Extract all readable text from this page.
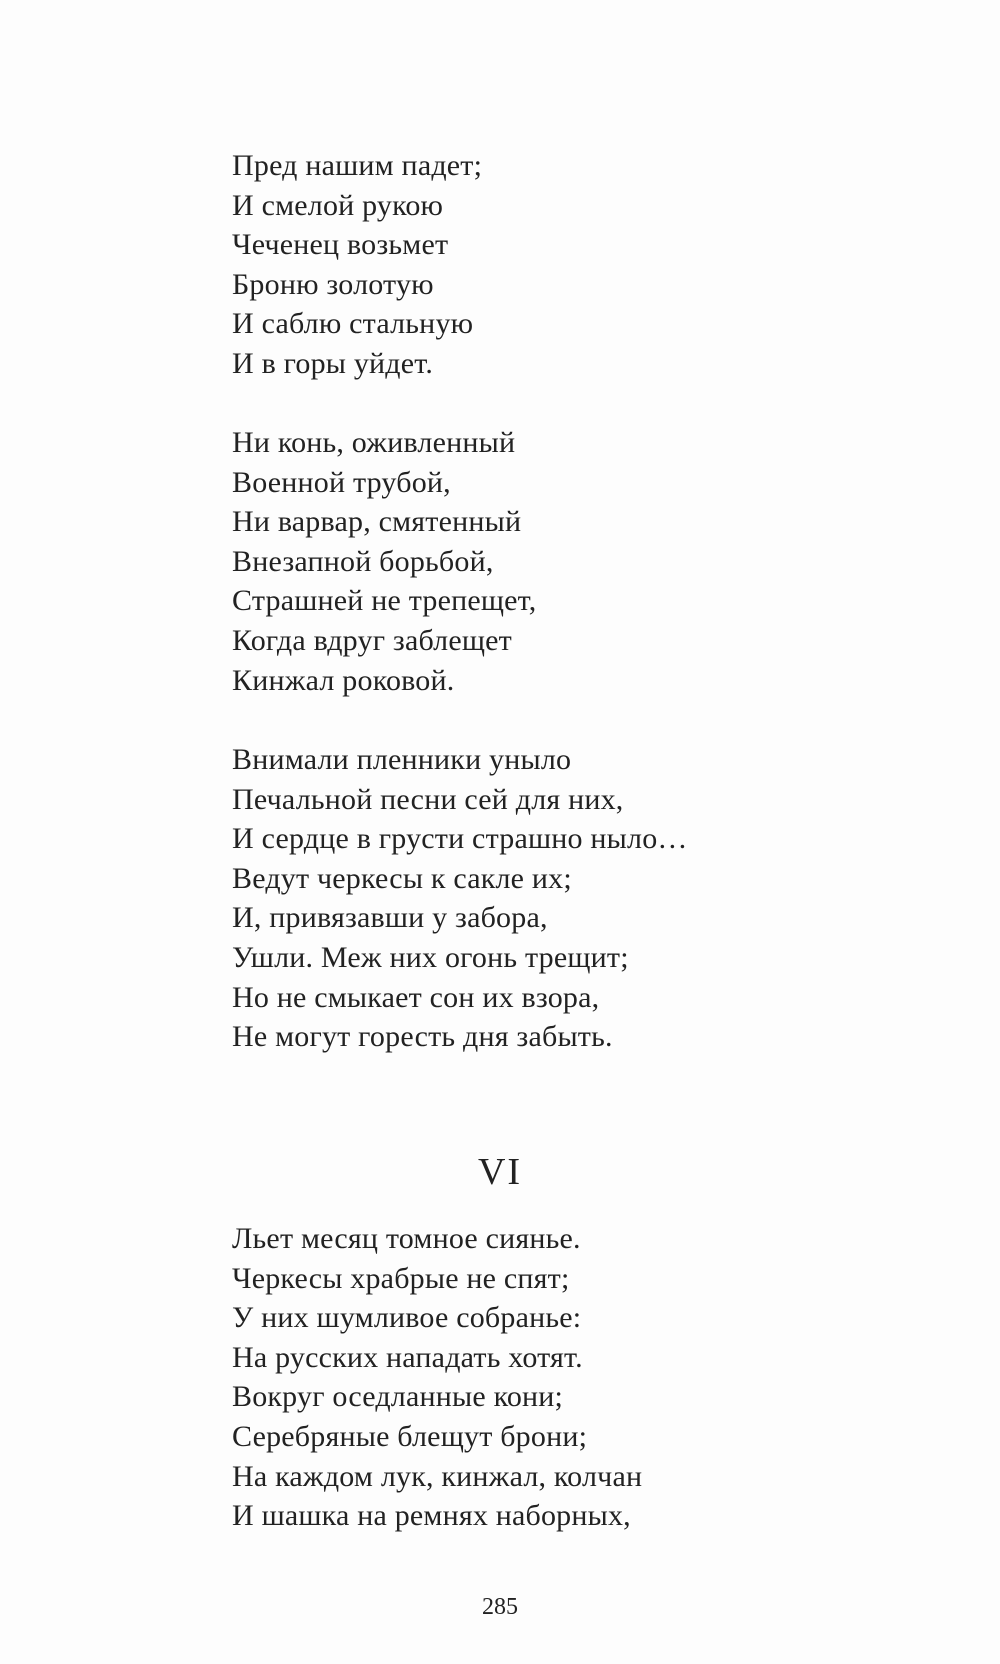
Пред нашим падет;
И смелой рукою
Чеченец возьмет
Броню золотую
И саблю стальную
И в горы уйдет.
Ни конь, оживленный
Военной трубой,
Ни варвар, смятенный
Внезапной борьбой,
Страшней не трепещет,
Когда вдруг заблещет
Кинжал роковой.
Внимали пленники уныло
Печальной песни сей для них,
И сердце в грусти страшно ныло…
Ведут черкесы к сакле их;
И, привязавши у забора,
Ушли. Меж них огонь трещит;
Но не смыкает сон их взора,
Не могут горесть дня забыть.
VI
Льет месяц томное сиянье.
Черкесы храбрые не спят;
У них шумливое собранье:
На русских нападать хотят.
Вокруг оседланные кони;
Серебряные блещут брони;
На каждом лук, кинжал, колчан
И шашка на ремнях наборных,
285
